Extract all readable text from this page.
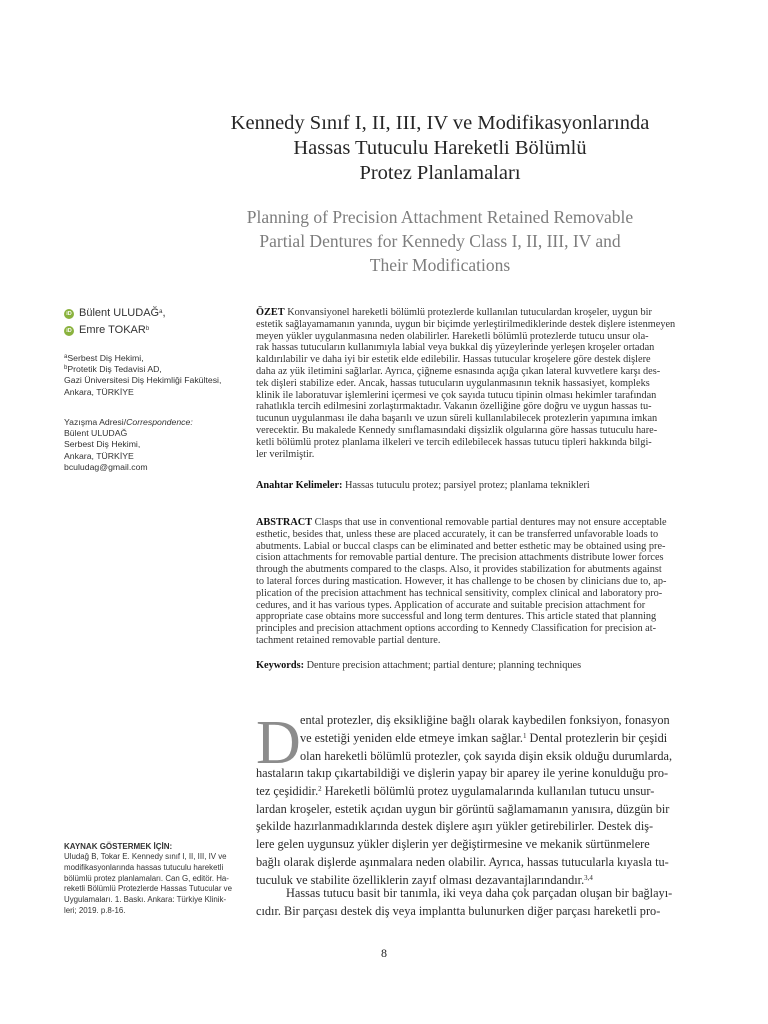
Kennedy Sınıf I, II, III, IV ve Modifikasyonlarında
Hassas Tutuculu Hareketli Bölümlü
Protez Planlamaları
Planning of Precision Attachment Retained Removable
Partial Dentures for Kennedy Class I, II, III, IV and
Their Modifications
iD Bülent ULUDAĞ$^a$ ,
iD Emre TOKAR$^b$
$^a$Serbest Diş Hekimi,
$^b$Protetik Diş Tedavisi AD,
Gazi Üniversitesi Diş Hekimliği Fakültesi,
Ankara, TÜRKİYE
Yazışma Adresi/Correspondence:
Bülent ULUDAĞ
Serbest Diş Hekimi,
Ankara, TÜRKİYE
bculudag@gmail.com
KAYNAK GÖSTERMEK İÇİN:
Uludağ B, Tokar E. Kennedy sınıf I, II, III, IV ve
modifikasyonlarında hassas tutuculu hareketli
bölümlü protez planlamaları. Can G, editör. Ha-
reketli Bölümlü Protezlerde Hassas Tutucular ve
Uygulamaları. 1. Baskı. Ankara: Türkiye Klinik-
leri; 2019. p.8-16.
ÖZET Konvansiyonel hareketli bölümlü protezlerde kullanılan tutuculardan kroşeler, uygun bir
estetik sağlayamamanın yanında, uygun bir biçimde yerleştirilmediklerinde destek dişlere istenmeyen
meyen yükler uygulanmasına neden olabilirler. Hareketli bölümlü protezlerde tutucu unsur ola-
rak hassas tutucuların kullanımıyla labial veya bukkal diş yüzeylerinde yerleşen kroşeler ortadan
kaldırılabilir ve daha iyi bir estetik elde edilebilir. Hassas tutucular kroşelere göre destek dişlere
daha az yük iletimini sağlarlar. Ayrıca, çiğneme esnasında açığa çıkan lateral kuvvetlere karşı des-
tek dişleri stabilize eder. Ancak, hassas tutucuların uygulanmasının teknik hassasiyet, kompleks
klinik ile laboratuvar işlemlerini içermesi ve çok sayıda tutucu tipinin olması hekimler tarafından
rahatlıkla tercih edilmesini zorlaştırmaktadır. Vakanın özelliğine göre doğru ve uygun hassas tu-
tucunun uygulanması ile daha başarılı ve uzun süreli kullanılabilecek protezlerin yapımına imkan
verecektir. Bu makalede Kennedy sınıflamasındaki dişsizlik olgularına göre hassas tutuculu hare-
ketli bölümlü protez planlama ilkeleri ve tercih edilebilecek hassas tutucu tipleri hakkında bilgi-
ler verilmiştir.
Anahtar Kelimeler: Hassas tutuculu protez; parsiyel protez; planlama teknikleri
ABSTRACT Clasps that use in conventional removable partial dentures may not ensure acceptable
esthetic, besides that, unless these are placed accurately, it can be transferred unfavorable loads to
abutments. Labial or buccal clasps can be eliminated and better esthetic may be obtained using pre-
cision attachments for removable partial denture. The precision attachments distribute lower forces
through the abutments compared to the clasps. Also, it provides stabilization for abutments against
to lateral forces during mastication. However, it has challenge to be chosen by clinicians due to, ap-
plication of the precision attachment has technical sensitivity, complex clinical and laboratory pro-
cedures, and it has various types. Application of accurate and suitable precision attachment for
appropriate case obtains more successful and long term dentures. This article stated that planning
principles and precision attachment options according to Kennedy Classification for precision at-
tachment retained removable partial denture.
Keywords: Denture precision attachment; partial denture; planning techniques
D ental protezler, diş eksikliğine bağlı olarak kaybedilen fonksiyon, fonasyon
ve estetiği yeniden elde etmeye imkan sağlar.$^1$ Dental protezlerin bir çeşidi
olan hareketli bölümlü protezler, çok sayıda dişin eksik olduğu durumlarda,
hastaların takıp çıkartabildiği ve dişlerin yapay bir aparey ile yerine konulduğu pro-
tez çeşididir.$^2$ Hareketli bölümlü protez uygulamalarında kullanılan tutucu unsur-
lardan kroşeler, estetik açıdan uygun bir görüntü sağlamamanın yanısıra, düzgün bir
şekilde hazırlanmadıklarında destek dişlere aşırı yükler getirebilirler. Destek diş-
lere gelen uygunsuz yükler dişlerin yer değiştirmesine ve mekanik sürtünmelere
bağlı olarak dişlerde aşınmalara neden olabilir. Ayrıca, hassas tutucularla kıyasla tu-
tuculuk ve stabilite özelliklerin zayıf olması dezavantajlarındandır.$^{3,4}$
Hassas tutucu basit bir tanımla, iki veya daha çok parçadan oluşan bir bağlayı-
cıdır. Bir parçası destek diş veya implantta bulunurken diğer parçası hareketli pro-
8
